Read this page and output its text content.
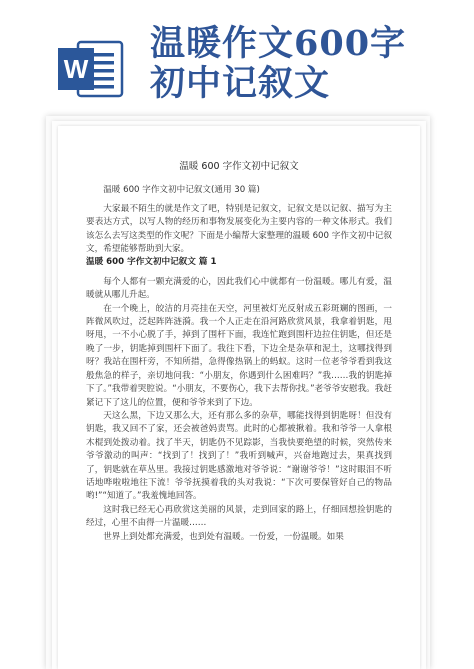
W
温暖作文600字
初中记叙文
温暖 600 字作文初中记叙文
温暖 600 字作文初中记叙文(通用 30 篇)

大家最不陌生的就是作文了吧，特别是记叙文，记叙文是以记叙、描写为主要表达方式，以写人物的经历和事物发展变化为主要内容的一种文体形式。我们该怎么去写这类型的作文呢？下面是小编帮大家整理的温暖 600 字作文初中记叙文，希望能够帮助到大家。

温暖 600 字作文初中记叙文 篇 1

每个人都有一颗充满爱的心，因此我们心中就都有一份温暖。哪儿有爱，温暖就从哪儿升起。

在一个晚上，皎洁的月亮挂在天空，河里被灯光反射成五彩斑斓的图画，一阵微风吹过，泛起阵阵涟漪。我一个人正走在沿河路欣赏风景，我拿着钥匙，甩呀甩，一不小心脱了手，掉到了围杆下面，我连忙跑到围杆边拉住钥匙，但还是晚了一步，钥匙掉到围杆下面了。我往下看，下边全是杂草和泥土，这哪找得到呀？我站在围杆旁，不知所措，急得像热锅上的蚂蚁。这时一位老爷爷看到我这般焦急的样子，亲切地问我：“小朋友，你遇到什么困难吗？”我……我的钥匙掉下了。”我带着哭腔说。“小朋友，不要伤心，我下去帮你找。”老爷爷安慰我。我赶紧记下了这儿的位置，便和爷爷来到了下边。

天这么黑，下边又那么大，还有那么多的杂草，哪能找得到钥匙呀！但没有钥匙，我又回不了家，还会被爸妈责骂。此时的心都被揪着。我和爷爷一人拿根木棍到处拨动着。找了半天，钥匙仍不见踪影，当我快要绝望的时候，突然传来爷爷激动的叫声：“找到了！找到了！”我听到喊声，兴奋地跑过去，果真找到了，钥匙就在草丛里。我接过钥匙感激地对爷爷说：“谢谢爷爷！”这时眼泪不听话地哗啦啦地往下流！爷爷抚摸着我的头对我说：“下次可要保管好自己的物品哟!”“知道了。”我羞愧地回答。

这时我已经无心再欣赏这美丽的风景，走到回家的路上，仔细回想捡钥匙的经过，心里不由得一片温暖……

世界上到处都充满爱，也到处有温暖。一份爱，一份温暖。如果
